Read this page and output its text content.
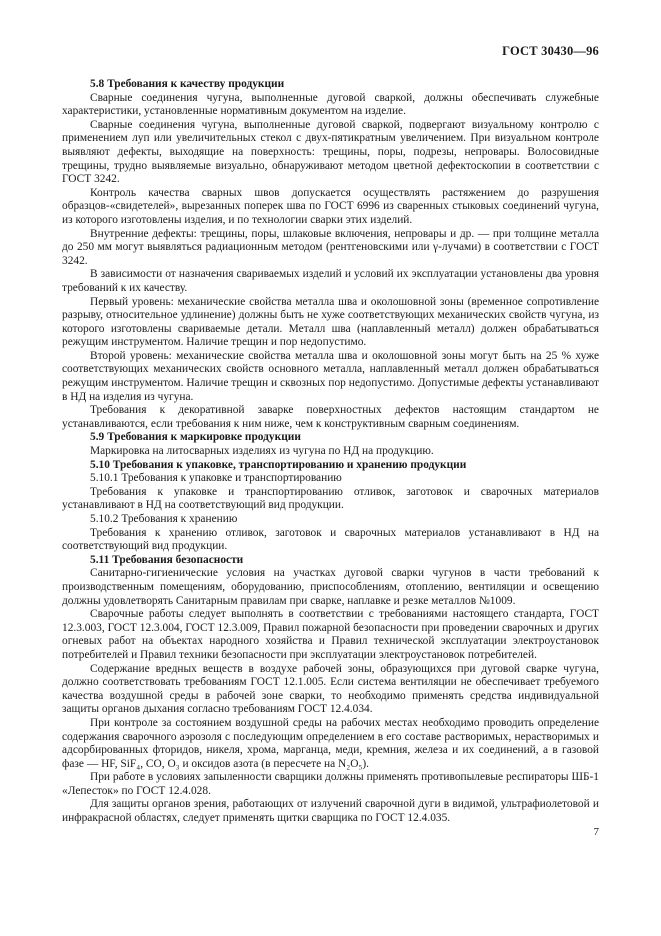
ГОСТ 30430—96

5.8 Требования к качеству продукции

Сварные соединения чугуна, выполненные дуговой сваркой, должны обеспечивать служебные характеристики, установленные нормативным документом на изделие.

Сварные соединения чугуна, выполненные дуговой сваркой, подвергают визуальному контролю с применением луп или увеличительных стекол с двух-пятикратным увеличением. При визуальном контроле выявляют дефекты, выходящие на поверхность: трещины, поры, подрезы, непровары. Волосовидные трещины, трудно выявляемые визуально, обнаруживают методом цветной дефектоскопии в соответствии с ГОСТ 3242.

Контроль качества сварных швов допускается осуществлять растяжением до разрушения образцов-«свидетелей», вырезанных поперек шва по ГОСТ 6996 из сваренных стыковых соединений чугуна, из которого изготовлены изделия, и по технологии сварки этих изделий.

Внутренние дефекты: трещины, поры, шлаковые включения, непровары и др. — при толщине металла до 250 мм могут выявляться радиационным методом (рентгеновскими или γ-лучами) в соответствии с ГОСТ 3242.

В зависимости от назначения свариваемых изделий и условий их эксплуатации установлены два уровня требований к их качеству.

Первый уровень: механические свойства металла шва и околошовной зоны (временное сопротивление разрыву, относительное удлинение) должны быть не хуже соответствующих механических свойств чугуна, из которого изготовлены свариваемые детали. Металл шва (наплавленный металл) должен обрабатываться режущим инструментом. Наличие трещин и пор недопустимо.

Второй уровень: механические свойства металла шва и околошовной зоны могут быть на 25 % хуже соответствующих механических свойств основного металла, наплавленный металл должен обрабатываться режущим инструментом. Наличие трещин и сквозных пор недопустимо. Допустимые дефекты устанавливают в НД на изделия из чугуна.

Требования к декоративной заварке поверхностных дефектов настоящим стандартом не устанавливаются, если требования к ним ниже, чем к конструктивным сварным соединениям.

5.9 Требования к маркировке продукции

Маркировка на литосварных изделиях из чугуна по НД на продукцию.

5.10 Требования к упаковке, транспортированию и хранению продукции

5.10.1 Требования к упаковке и транспортированию

Требования к упаковке и транспортированию отливок, заготовок и сварочных материалов устанавливают в НД на соответствующий вид продукции.

5.10.2 Требования к хранению

Требования к хранению отливок, заготовок и сварочных материалов устанавливают в НД на соответствующий вид продукции.

5.11 Требования безопасности

Санитарно-гигиенические условия на участках дуговой сварки чугунов в части требований к производственным помещениям, оборудованию, приспособлениям, отоплению, вентиляции и освещению должны удовлетворять Санитарным правилам при сварке, наплавке и резке металлов №1009.

Сварочные работы следует выполнять в соответствии с требованиями настоящего стандарта, ГОСТ 12.3.003, ГОСТ 12.3.004, ГОСТ 12.3.009, Правил пожарной безопасности при проведении сварочных и других огневых работ на объектах народного хозяйства и Правил технической эксплуатации электроустановок потребителей и Правил техники безопасности при эксплуатации электроустановок потребителей.

Содержание вредных веществ в воздухе рабочей зоны, образующихся при дуговой сварке чугуна, должно соответствовать требованиям ГОСТ 12.1.005. Если система вентиляции не обеспечивает требуемого качества воздушной среды в рабочей зоне сварки, то необходимо применять средства индивидуальной защиты органов дыхания согласно требованиям ГОСТ 12.4.034.

При контроле за состоянием воздушной среды на рабочих местах необходимо проводить определение содержания сварочного аэрозоля с последующим определением в его составе растворимых, нерастворимых и адсорбированных фторидов, никеля, хрома, марганца, меди, кремния, железа и их соединений, а в газовой фазе — HF, SiF₄, CO, O₃ и оксидов азота (в пересчете на N₂O₅).

При работе в условиях запыленности сварщики должны применять противопылевые респираторы ШБ-1 «Лепесток» по ГОСТ 12.4.028.

Для защиты органов зрения, работающих от излучений сварочной дуги в видимой, ультрафиолетовой и инфракрасной областях, следует применять щитки сварщика по ГОСТ 12.4.035.

7
